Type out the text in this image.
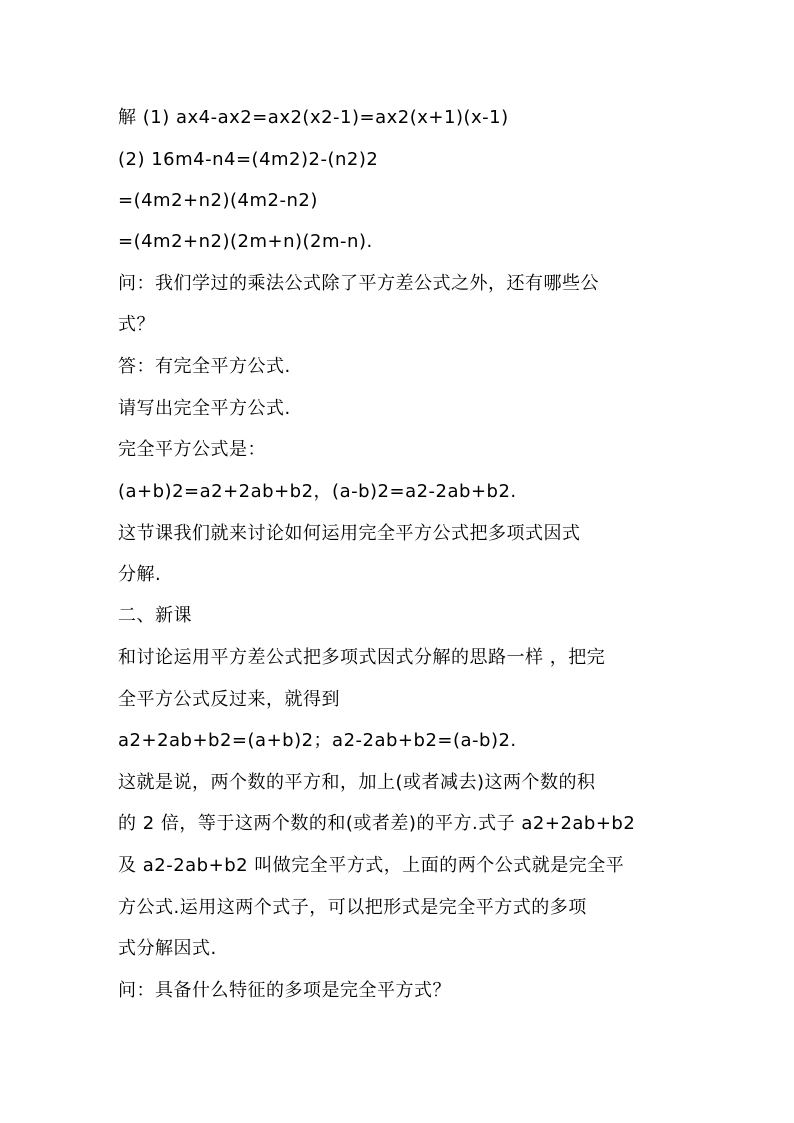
解 (1) ax4-ax2=ax2(x2-1)=ax2(x+1)(x-1)
(2) 16m4-n4=(4m2)2-(n2)2
=(4m2+n2)(4m2-n2)
=(4m2+n2)(2m+n)(2m-n).
问：我们学过的乘法公式除了平方差公式之外，还有哪些公
式？
答：有完全平方公式.
请写出完全平方公式.
完全平方公式是：
(a+b)2=a2+2ab+b2，(a-b)2=a2-2ab+b2.
这节课我们就来讨论如何运用完全平方公式把多项式因式
分解.
二、新课
和讨论运用平方差公式把多项式因式分解的思路一样 ，把完
全平方公式反过来，就得到
a2+2ab+b2=(a+b)2；a2-2ab+b2=(a-b)2.
这就是说，两个数的平方和，加上(或者减去)这两个数的积
的 2 倍，等于这两个数的和(或者差)的平方.式子 a2+2ab+b2
及 a2-2ab+b2 叫做完全平方式，上面的两个公式就是完全平
方公式.运用这两个式子，可以把形式是完全平方式的多项
式分解因式.
问：具备什么特征的多项是完全平方式？
